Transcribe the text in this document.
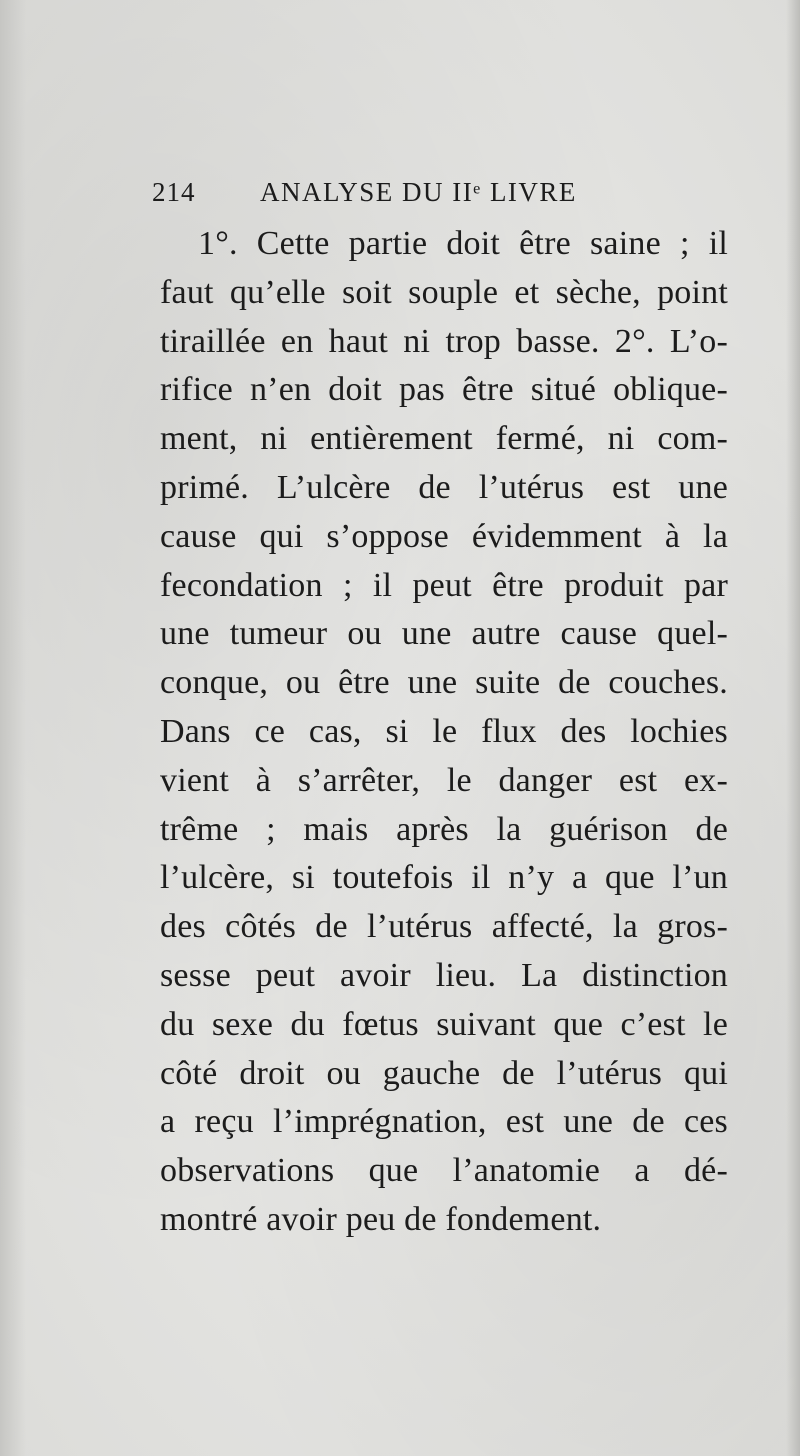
214 ANALYSE DU IIᵉ LIVRE
1°. Cette partie doit être saine ; il
faut qu’elle soit souple et sèche, point
tiraillée en haut ni trop basse. 2°. L’o-
rifice n’en doit pas être situé oblique-
ment, ni entièrement fermé, ni com-
primé. L’ulcère de l’utérus est une
cause qui s’oppose évidemment à la
fecondation ; il peut être produit par
une tumeur ou une autre cause quel-
conque, ou être une suite de couches.
Dans ce cas, si le flux des lochies
vient à s’arrêter, le danger est ex-
trême ; mais après la guérison de
l’ulcère, si toutefois il n’y a que l’un
des côtés de l’utérus affecté, la gros-
sesse peut avoir lieu. La distinction
du sexe du fœtus suivant que c’est le
côté droit ou gauche de l’utérus qui
a reçu l’imprégnation, est une de ces
observations que l’anatomie a dé-
montré avoir peu de fondement.
